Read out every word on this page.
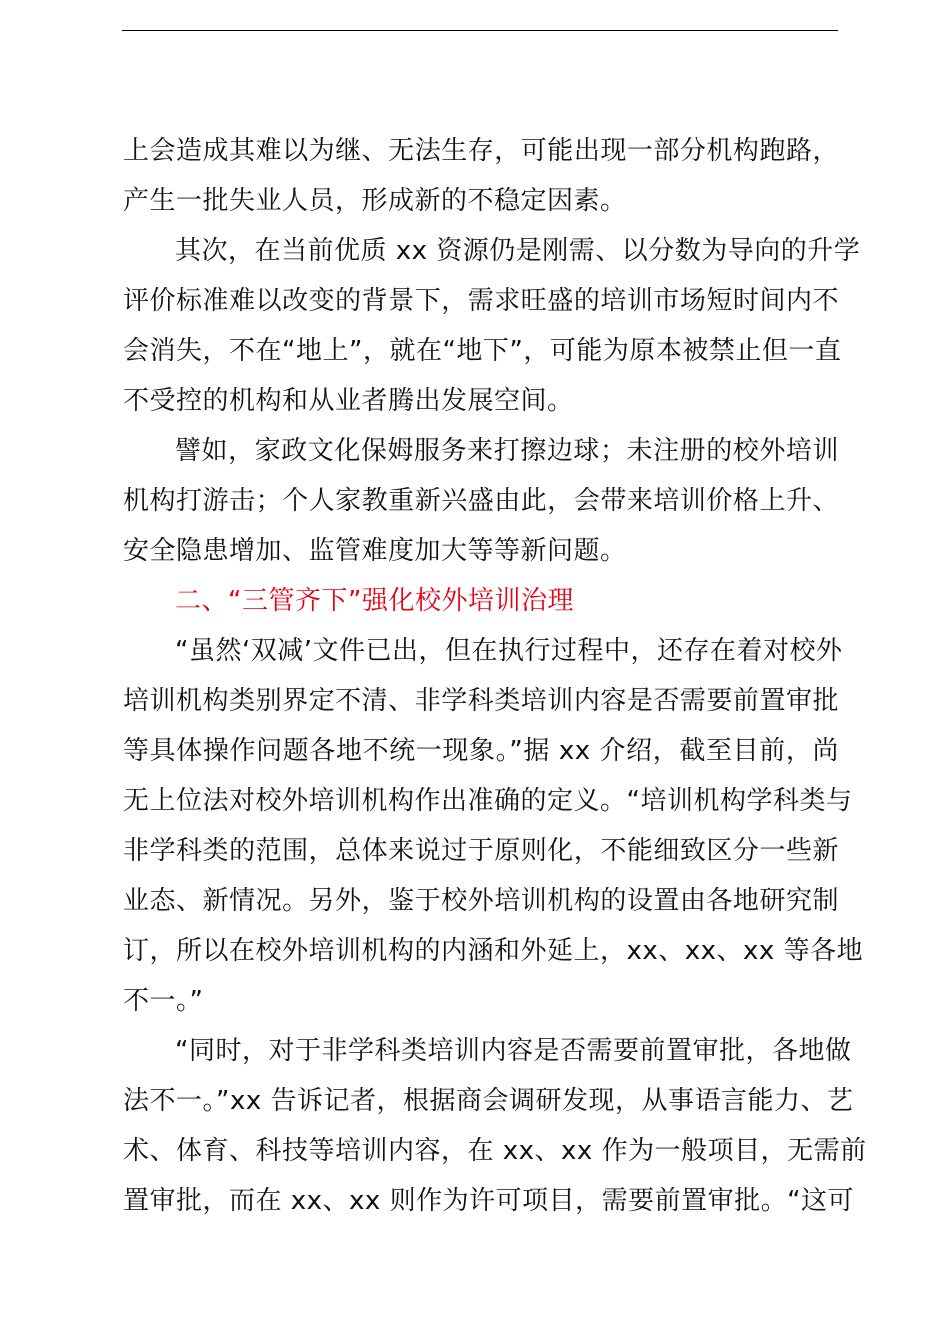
上会造成其难以为继、无法生存，可能出现一部分机构跑路，
产生一批失业人员，形成新的不稳定因素。
其次，在当前优质 xx 资源仍是刚需、以分数为导向的升学
评价标准难以改变的背景下，需求旺盛的培训市场短时间内不
会消失，不在“地上”，就在“地下”，可能为原本被禁止但一直
不受控的机构和从业者腾出发展空间。
譬如，家政文化保姆服务来打擦边球；未注册的校外培训
机构打游击；个人家教重新兴盛由此，会带来培训价格上升、
安全隐患增加、监管难度加大等等新问题。
二、“三管齐下”强化校外培训治理
“虽然‘双减’文件已出，但在执行过程中，还存在着对校外
培训机构类别界定不清、非学科类培训内容是否需要前置审批
等具体操作问题各地不统一现象。”据 xx 介绍，截至目前，尚
无上位法对校外培训机构作出准确的定义。“培训机构学科类与
非学科类的范围，总体来说过于原则化，不能细致区分一些新
业态、新情况。另外，鉴于校外培训机构的设置由各地研究制
订，所以在校外培训机构的内涵和外延上，xx、xx、xx 等各地
不一。”
“同时，对于非学科类培训内容是否需要前置审批，各地做
法不一。”xx 告诉记者，根据商会调研发现，从事语言能力、艺
术、体育、科技等培训内容，在 xx、xx 作为一般项目，无需前
置审批，而在 xx、xx 则作为许可项目，需要前置审批。“这可
